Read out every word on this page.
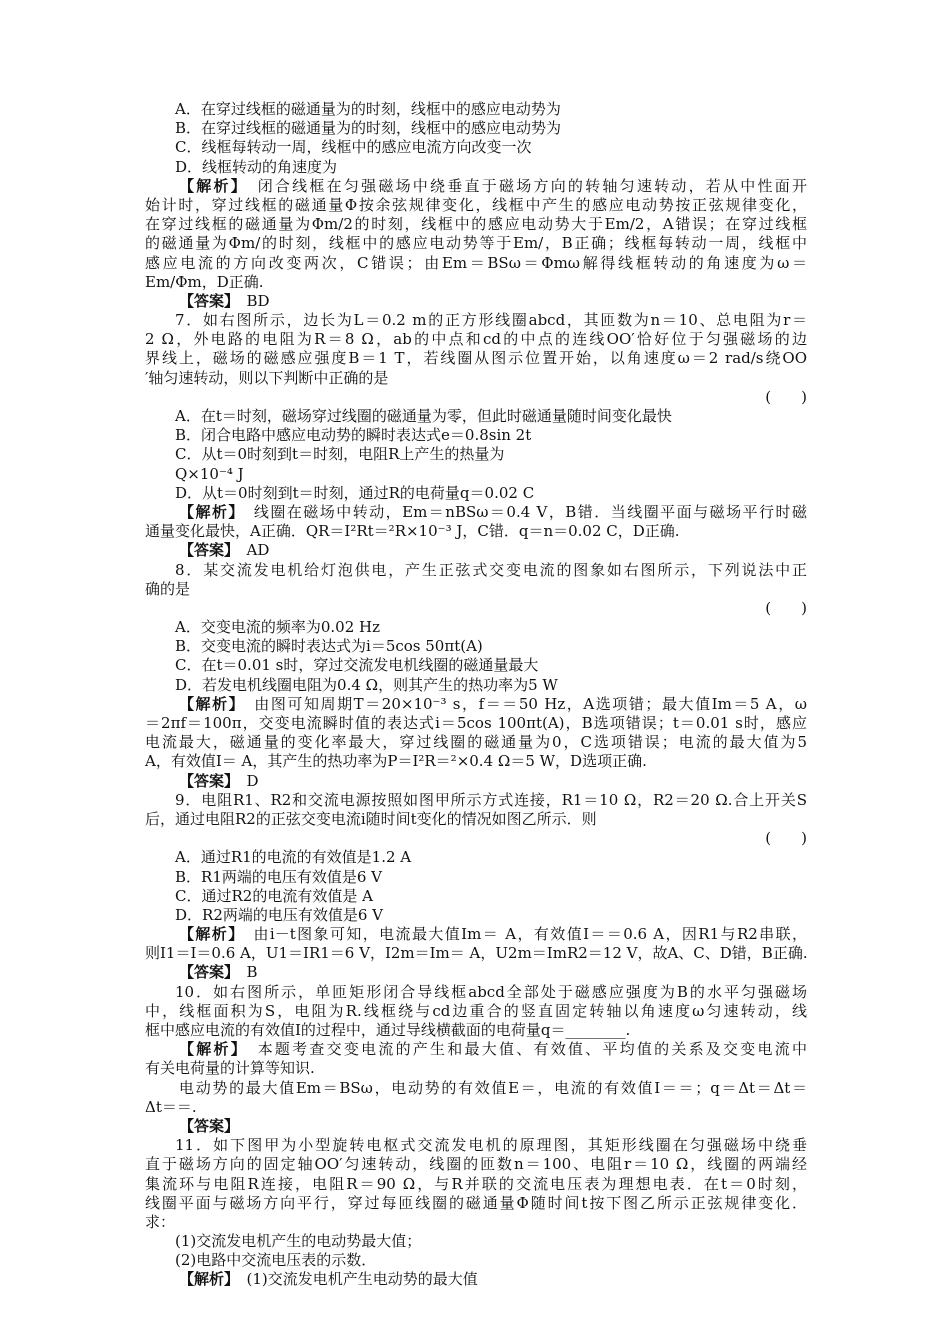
A．在穿过线框的磁通量为的时刻，线框中的感应电动势为
B．在穿过线框的磁通量为的时刻，线框中的感应电动势为
C．线框每转动一周，线框中的感应电流方向改变一次
D．线框转动的角速度为
【解析】　闭合线框在匀强磁场中绕垂直于磁场方向的转轴匀速转动，若从中性面开
始计时，穿过线框的磁通量Φ按余弦规律变化，线框中产生的感应电动势按正弦规律变化，
在穿过线框的磁通量为Φm/2的时刻，线框中的感应电动势大于Em/2，A错误；在穿过线框
的磁通量为Φm/的时刻，线框中的感应电动势等于Em/，B正确；线框每转动一周，线框中
感应电流的方向改变两次，C错误；由Em＝BSω＝Φmω解得线框转动的角速度为ω＝
Em/Φm，D正确.
【答案】　BD
7．如右图所示，边长为L＝0.2 m的正方形线圈abcd，其匝数为n＝10、总电阻为r＝
2 Ω，外电路的电阻为R＝8 Ω，ab的中点和cd的中点的连线OO′恰好位于匀强磁场的边
界线上，磁场的磁感应强度B＝1 T，若线圈从图示位置开始，以角速度ω＝2 rad/s绕OO
′轴匀速转动，则以下判断中正确的是
(　　)
A．在t＝时刻，磁场穿过线圈的磁通量为零，但此时磁通量随时间变化最快
B．闭合电路中感应电动势的瞬时表达式e＝0.8sin 2t
C．从t＝0时刻到t＝时刻，电阻R上产生的热量为
Q×10⁻⁴ J
D．从t＝0时刻到t＝时刻，通过R的电荷量q＝0.02 C
【解析】　线圈在磁场中转动，Em＝nBSω＝0.4 V，B错．当线圈平面与磁场平行时磁
通量变化最快，A正确．QR＝I²Rt＝²R×10⁻³ J，C错．q＝n＝0.02 C，D正确.
【答案】　AD
8．某交流发电机给灯泡供电，产生正弦式交变电流的图象如右图所示，下列说法中正
确的是
(　　)
A．交变电流的频率为0.02 Hz
B．交变电流的瞬时表达式为i＝5cos 50πt(A)
C．在t＝0.01 s时，穿过交流发电机线圈的磁通量最大
D．若发电机线圈电阻为0.4 Ω，则其产生的热功率为5 W
【解析】　由图可知周期T＝20×10⁻³ s，f＝＝50 Hz，A选项错；最大值Im＝5 A，ω
＝2πf＝100π，交变电流瞬时值的表达式i＝5cos 100πt(A)，B选项错误；t＝0.01 s时，感应
电流最大，磁通量的变化率最大，穿过线圈的磁通量为0，C选项错误；电流的最大值为5
A，有效值I＝ A，其产生的热功率为P＝I²R＝²×0.4 Ω＝5 W，D选项正确.
【答案】　D
9．电阻R1、R2和交流电源按照如图甲所示方式连接，R1＝10 Ω，R2＝20 Ω.合上开关S
后，通过电阻R2的正弦交变电流i随时间t变化的情况如图乙所示．则
(　　)
A．通过R1的电流的有效值是1.2 A
B．R1两端的电压有效值是6 V
C．通过R2的电流有效值是 A
D．R2两端的电压有效值是6 V
【解析】　由i－t图象可知，电流最大值Im＝ A，有效值I＝＝0.6 A，因R1与R2串联，
则I1＝I＝0.6 A，U1＝IR1＝6 V，I2m＝Im＝ A，U2m＝ImR2＝12 V，故A、C、D错，B正确.
【答案】　B
10．如右图所示，单匝矩形闭合导线框abcd全部处于磁感应强度为B的水平匀强磁场
中，线框面积为S，电阻为R.线框绕与cd边重合的竖直固定转轴以角速度ω匀速转动，线
框中感应电流的有效值I的过程中，通过导线横截面的电荷量q＝________.
【解析】　本题考查交变电流的产生和最大值、有效值、平均值的关系及交变电流中
有关电荷量的计算等知识.
电动势的最大值Em＝BSω，电动势的有效值E＝，电流的有效值I＝＝；q＝Δt＝Δt＝
Δt＝＝.
【答案】
11．如下图甲为小型旋转电枢式交流发电机的原理图，其矩形线圈在匀强磁场中绕垂
直于磁场方向的固定轴OO′匀速转动，线圈的匝数n＝100、电阻r＝10 Ω，线圈的两端经
集流环与电阻R连接，电阻R＝90 Ω，与R并联的交流电压表为理想电表．在t＝0时刻，
线圈平面与磁场方向平行，穿过每匝线圈的磁通量Φ随时间t按下图乙所示正弦规律变化．
求：
(1)交流发电机产生的电动势最大值；
(2)电路中交流电压表的示数．
【解析】　(1)交流发电机产生电动势的最大值
